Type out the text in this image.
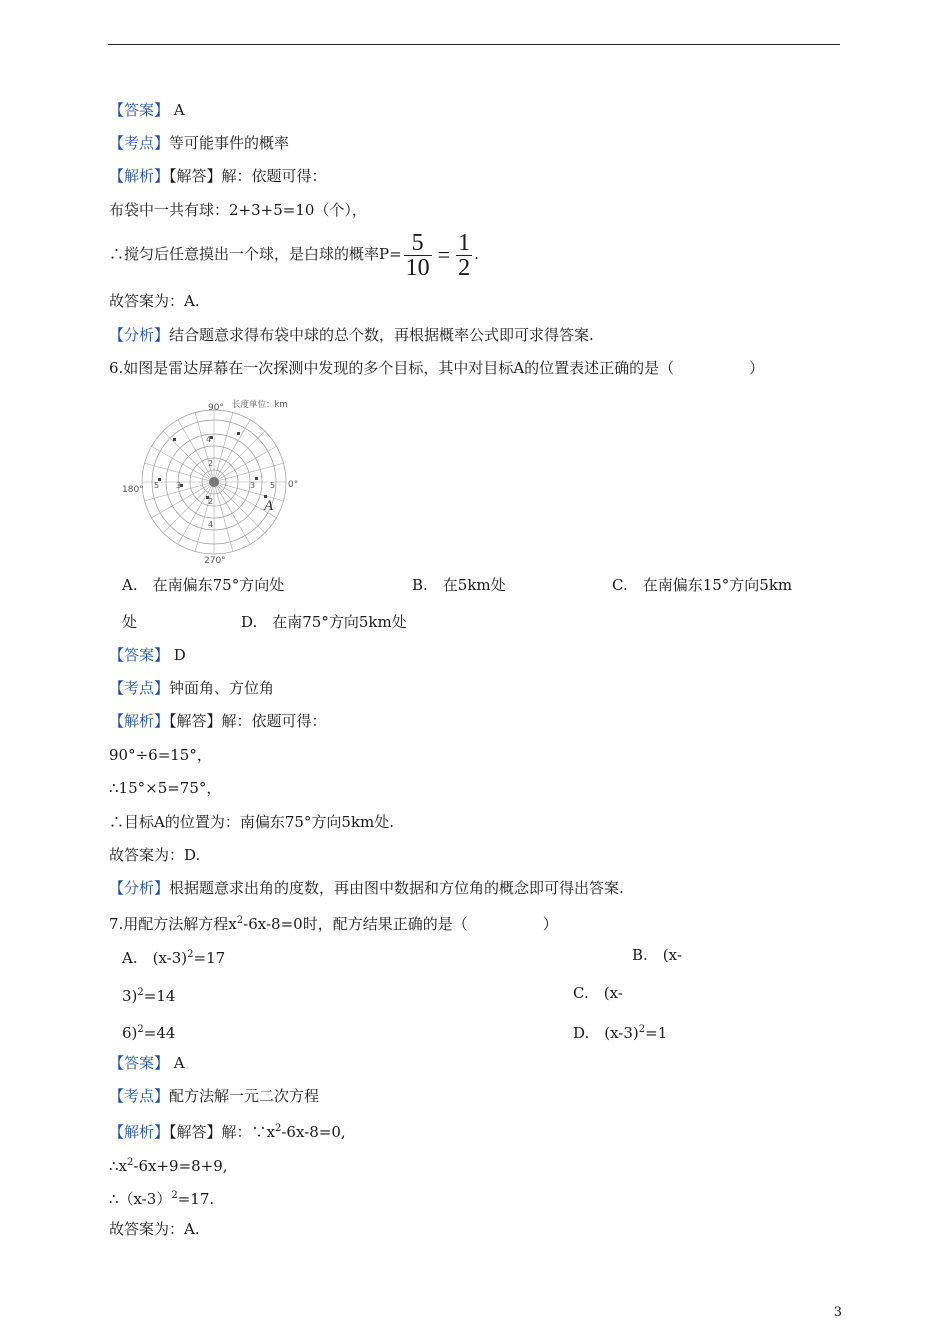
【答案】 A
【考点】等可能事件的概率
【解析】【解答】解：依题可得：
布袋中一共有球：2+3+5=10（个），
∴搅匀后任意摸出一个球，是白球的概率$P= \frac{5}{10} = \frac{1}{2}$ .
故答案为：A.
【分析】结合题意求得布袋中球的总个数，再根据概率公式即可求得答案.
6.如图是雷达屏幕在一次探测中发现的多个目标，其中对目标A的位置表述正确的是（　　　　　）
90° 长度单位：km
180°	0°
270°
4
2
2
4
5 3	3 5
A
A.　在南偏东75°方向处	B.　在5km处	C.　在南偏东15°方向5km
处	D.　在南75°方向5km处
【答案】 D
【考点】钟面角、方位角
【解析】【解答】解：依题可得：
90°÷6=15°，
∴15°×5=75°，
∴目标A的位置为：南偏东75°方向5km处.
故答案为：D.
【分析】根据题意求出角的度数，再由图中数据和方位角的概念即可得出答案.
7.用配方法解方程$x^2-6x-8=0$时，配方结果正确的是（　　　　　）
A.　$(x-3)^2=17$	B.　(x-
3)$^2$=14	C.　(x-
6)$^2$=44	D.　$(x-3)^2=1$
【答案】 A
【考点】配方法解一元二次方程
【解析】【解答】解：$\because x^2-6x-8=0$,
$\therefore x^2-6x+9=8+9$,
$\therefore(x-3)^2=17$.
故答案为：A.
3
